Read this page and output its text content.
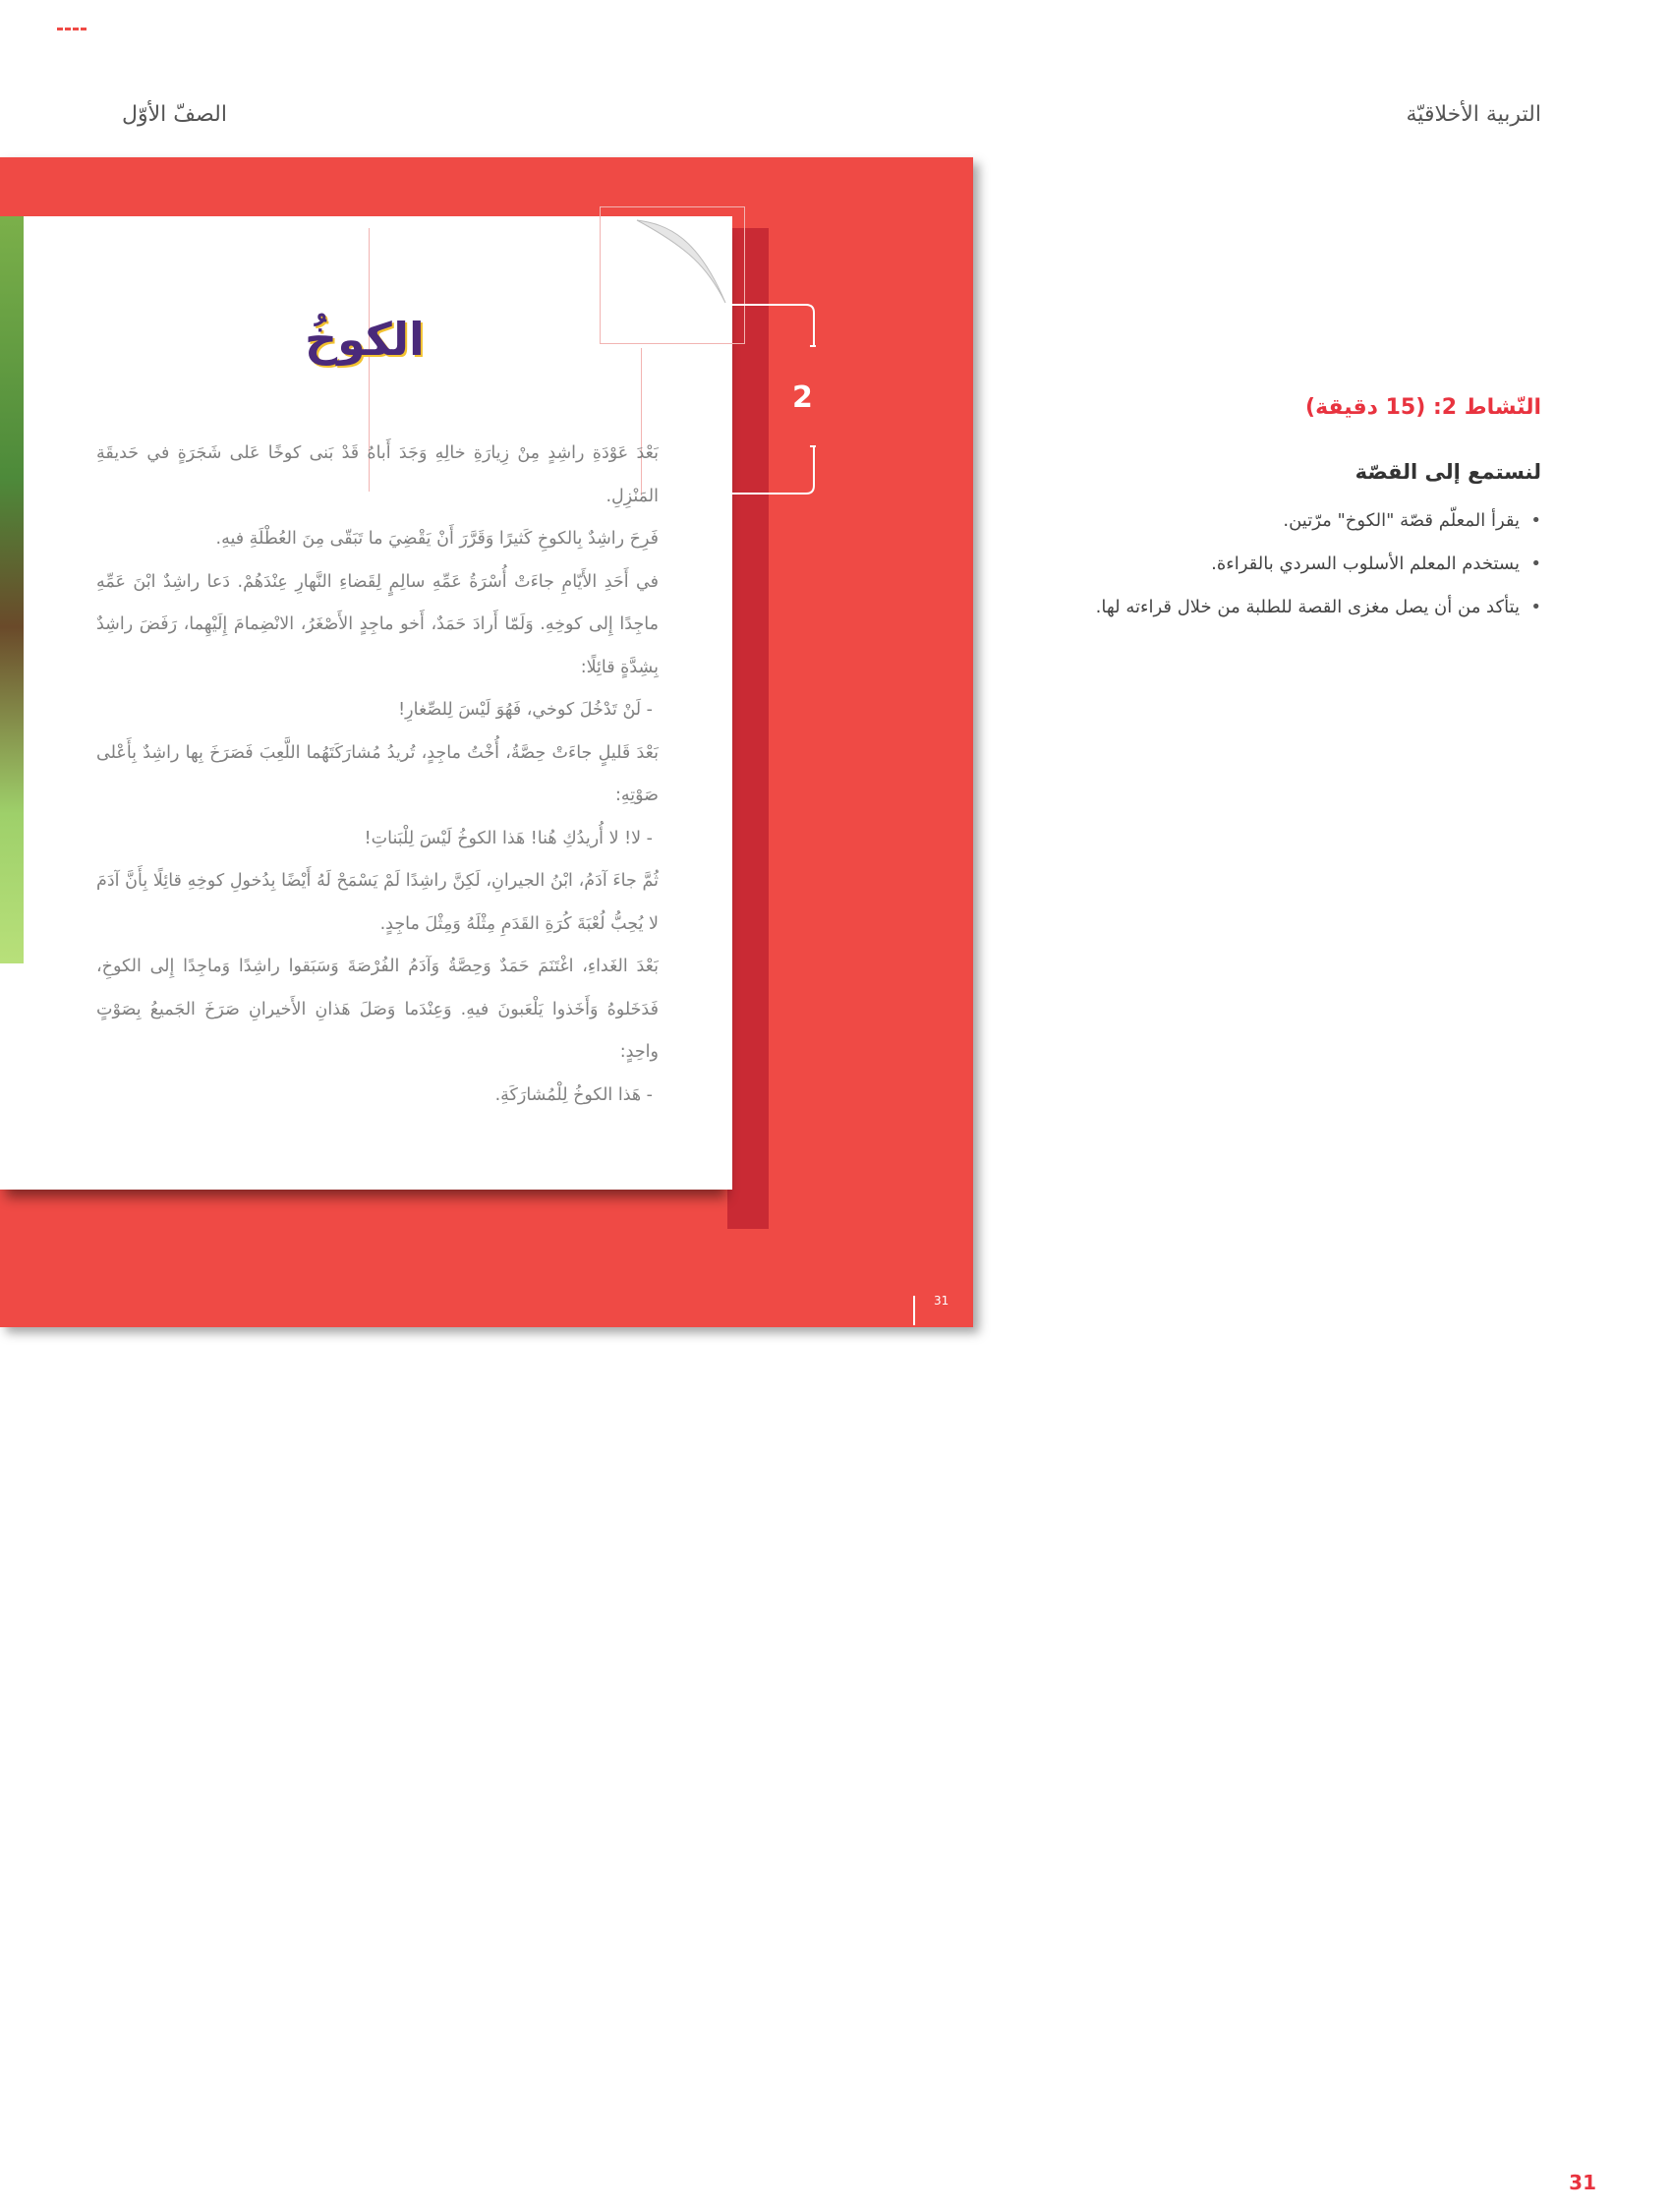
التربية الأخلاقيّة
الصفّ الأوّل
2
الكوخُ

بَعْدَ عَوْدَةِ راشِدٍ مِنْ زِيارَةِ خالِهِ وَجَدَ أَباهُ قَدْ بَنى كوخًا عَلى شَجَرَةٍ في حَديقَةِ المَنْزِلِ.

فَرِحَ راشِدٌ بِالكوخِ كَثيرًا وَقَرَّرَ أَنْ يَقْضِيَ ما تَبَقّى مِنَ العُطْلَةِ فيهِ.

في أَحَدِ الأَيّامِ جاءَتْ أُسْرَةُ عَمِّهِ سالِمٍ لِقَضاءِ النَّهارِ عِنْدَهُمْ. دَعا راشِدٌ ابْنَ عَمِّهِ ماجِدًا إِلى كوخِهِ. وَلَمّا أَرادَ حَمَدٌ، أَخو ماجِدٍ الأَصْغَرُ، الانْضِمامَ إِلَيْهِما، رَفَضَ راشِدٌ بِشِدَّةٍ قائِلًا:

- لَنْ تَدْخُلَ كوخي، فَهُوَ لَيْسَ لِلصِّغارِ!

بَعْدَ قَليلٍ جاءَتْ حِصَّةُ، أُخْتُ ماجِدٍ، تُريدُ مُشارَكَتَهُما اللَّعِبَ فَصَرَخَ بِها راشِدٌ بِأَعْلى صَوْتِهِ:

- لا! لا أُريدُكِ هُنا! هَذا الكوخُ لَيْسَ لِلْبَناتِ!

ثُمَّ جاءَ آدَمُ، ابْنُ الجيرانِ، لَكِنَّ راشِدًا لَمْ يَسْمَحْ لَهُ أَيْضًا بِدُخولِ كوخِهِ قائِلًا بِأَنَّ آدَمَ لا يُحِبُّ لُعْبَةَ كُرَةِ القَدَمِ مِثْلَهُ وَمِثْلَ ماجِدٍ.

بَعْدَ الغَداءِ، اغْتَنَمَ حَمَدٌ وَحِصَّةُ وَآدَمُ الفُرْصَةَ وَسَبَقوا راشِدًا وَماجِدًا إِلى الكوخِ، فَدَخَلوهُ وَأَخَذوا يَلْعَبونَ فيهِ. وَعِنْدَما وَصَلَ هَذانِ الأَخيرانِ صَرَخَ الجَميعُ بِصَوْتٍ واحِدٍ:

- هَذا الكوخُ لِلْمُشارَكَةِ.

31
النّشاط 2: (15 دقيقة)
لنستمع إلى القصّة
• يقرأ المعلّم قصّة "الكوخ" مرّتين.
• يستخدم المعلم الأسلوب السردي بالقراءة.
• يتأكد من أن يصل مغزى القصة للطلبة من خلال قراءته لها.
31
